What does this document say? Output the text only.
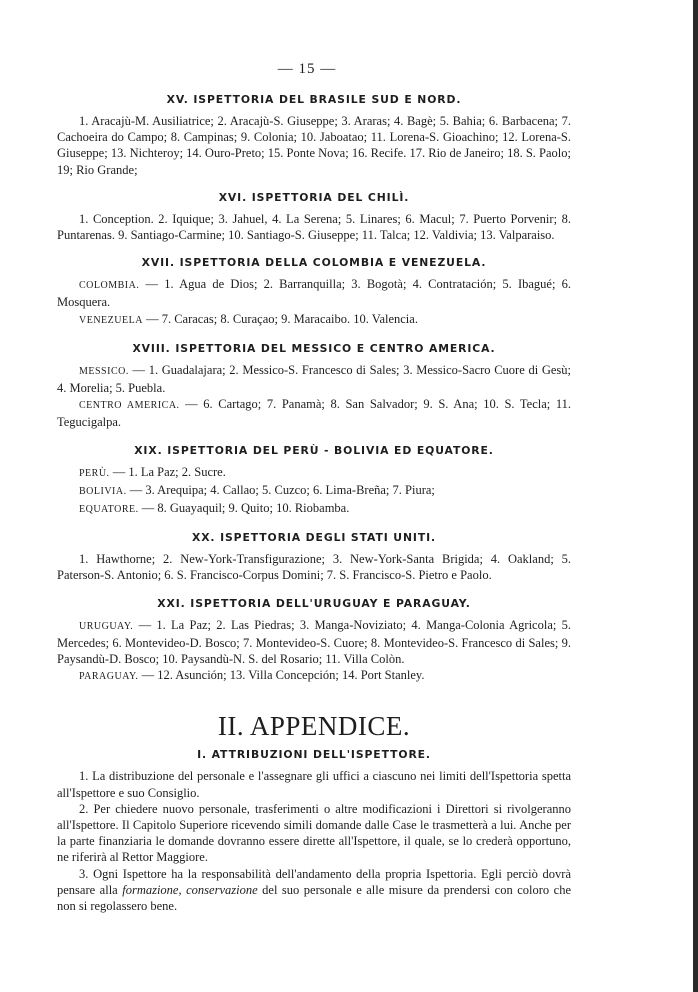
— 15 —
XV. ISPETTORIA DEL BRASILE SUD E NORD.

1. Aracajù-M. Ausiliatrice; 2. Aracajù-S. Giuseppe; 3. Araras; 4. Bagè; 5. Bahia; 6. Barbacena; 7. Cachoeira do Campo; 8. Campinas; 9. Colonia; 10. Jaboatao; 11. Lorena-S. Gioachino; 12. Lorena-S. Giuseppe; 13. Nichteroy; 14. Ouro-Preto; 15. Ponte Nova; 16. Recife. 17. Rio de Janeiro; 18. S. Paolo; 19; Rio Grande;

XVI. ISPETTORIA DEL CHILÌ.

1. Conception. 2. Iquique; 3. Jahuel, 4. La Serena; 5. Linares; 6. Macul; 7. Puerto Porvenir; 8. Puntarenas. 9. Santiago-Carmine; 10. Santiago-S. Giuseppe; 11. Talca; 12. Valdivia; 13. Valparaiso.

XVII. ISPETTORIA DELLA COLOMBIA E VENEZUELA.

COLOMBIA. — 1. Agua de Dios; 2. Barranquilla; 3. Bogotà; 4. Contratación; 5. Ibagué; 6. Mosquera.

VENEZUELA — 7. Caracas; 8. Curaçao; 9. Maracaibo. 10. Valencia.

XVIII. ISPETTORIA DEL MESSICO E CENTRO AMERICA.

MESSICO. — 1. Guadalajara; 2. Messico-S. Francesco di Sales; 3. Messico-Sacro Cuore di Gesù; 4. Morelia; 5. Puebla.

CENTRO AMERICA. — 6. Cartago; 7. Panamà; 8. San Salvador; 9. S. Ana; 10. S. Tecla; 11. Tegucigalpa.

XIX. ISPETTORIA DEL PERÙ - BOLIVIA ED EQUATORE.

PERÙ. — 1. La Paz; 2. Sucre.

BOLIVIA. — 3. Arequipa; 4. Callao; 5. Cuzco; 6. Lima-Breña; 7. Piura;

EQUATORE. — 8. Guayaquil; 9. Quito; 10. Riobamba.

XX. ISPETTORIA DEGLI STATI UNITI.

1. Hawthorne; 2. New-York-Transfigurazione; 3. New-York-Santa Brigida; 4. Oakland; 5. Paterson-S. Antonio; 6. S. Francisco-Corpus Domini; 7. S. Francisco-S. Pietro e Paolo.

XXI. ISPETTORIA DELL'URUGUAY E PARAGUAY.

URUGUAY. — 1. La Paz; 2. Las Piedras; 3. Manga-Noviziato; 4. Manga-Colonia Agricola; 5. Mercedes; 6. Montevideo-D. Bosco; 7. Montevideo-S. Cuore; 8. Montevideo-S. Francesco di Sales; 9. Paysandù-D. Bosco; 10. Paysandù-N. S. del Rosario; 11. Villa Colòn.

PARAGUAY. — 12. Asunción; 13. Villa Concepción; 14. Port Stanley.

II. APPENDICE.
I. ATTRIBUZIONI DELL'ISPETTORE.

1. La distribuzione del personale e l'assegnare gli uffici a ciascuno nei limiti dell'Ispettoria spetta all'Ispettore e suo Consiglio.

2. Per chiedere nuovo personale, trasferimenti o altre modificazioni i Direttori si rivolgeranno all'Ispettore. Il Capitolo Superiore ricevendo simili domande dalle Case le trasmetterà a lui. Anche per la parte finanziaria le domande dovranno essere dirette all'Ispettore, il quale, se lo crederà opportuno, ne riferirà al Rettor Maggiore.

3. Ogni Ispettore ha la responsabilità dell'andamento della propria Ispettoria. Egli perciò dovrà pensare alla formazione, conservazione del suo personale e alle misure da prendersi con coloro che non si regolassero bene.
